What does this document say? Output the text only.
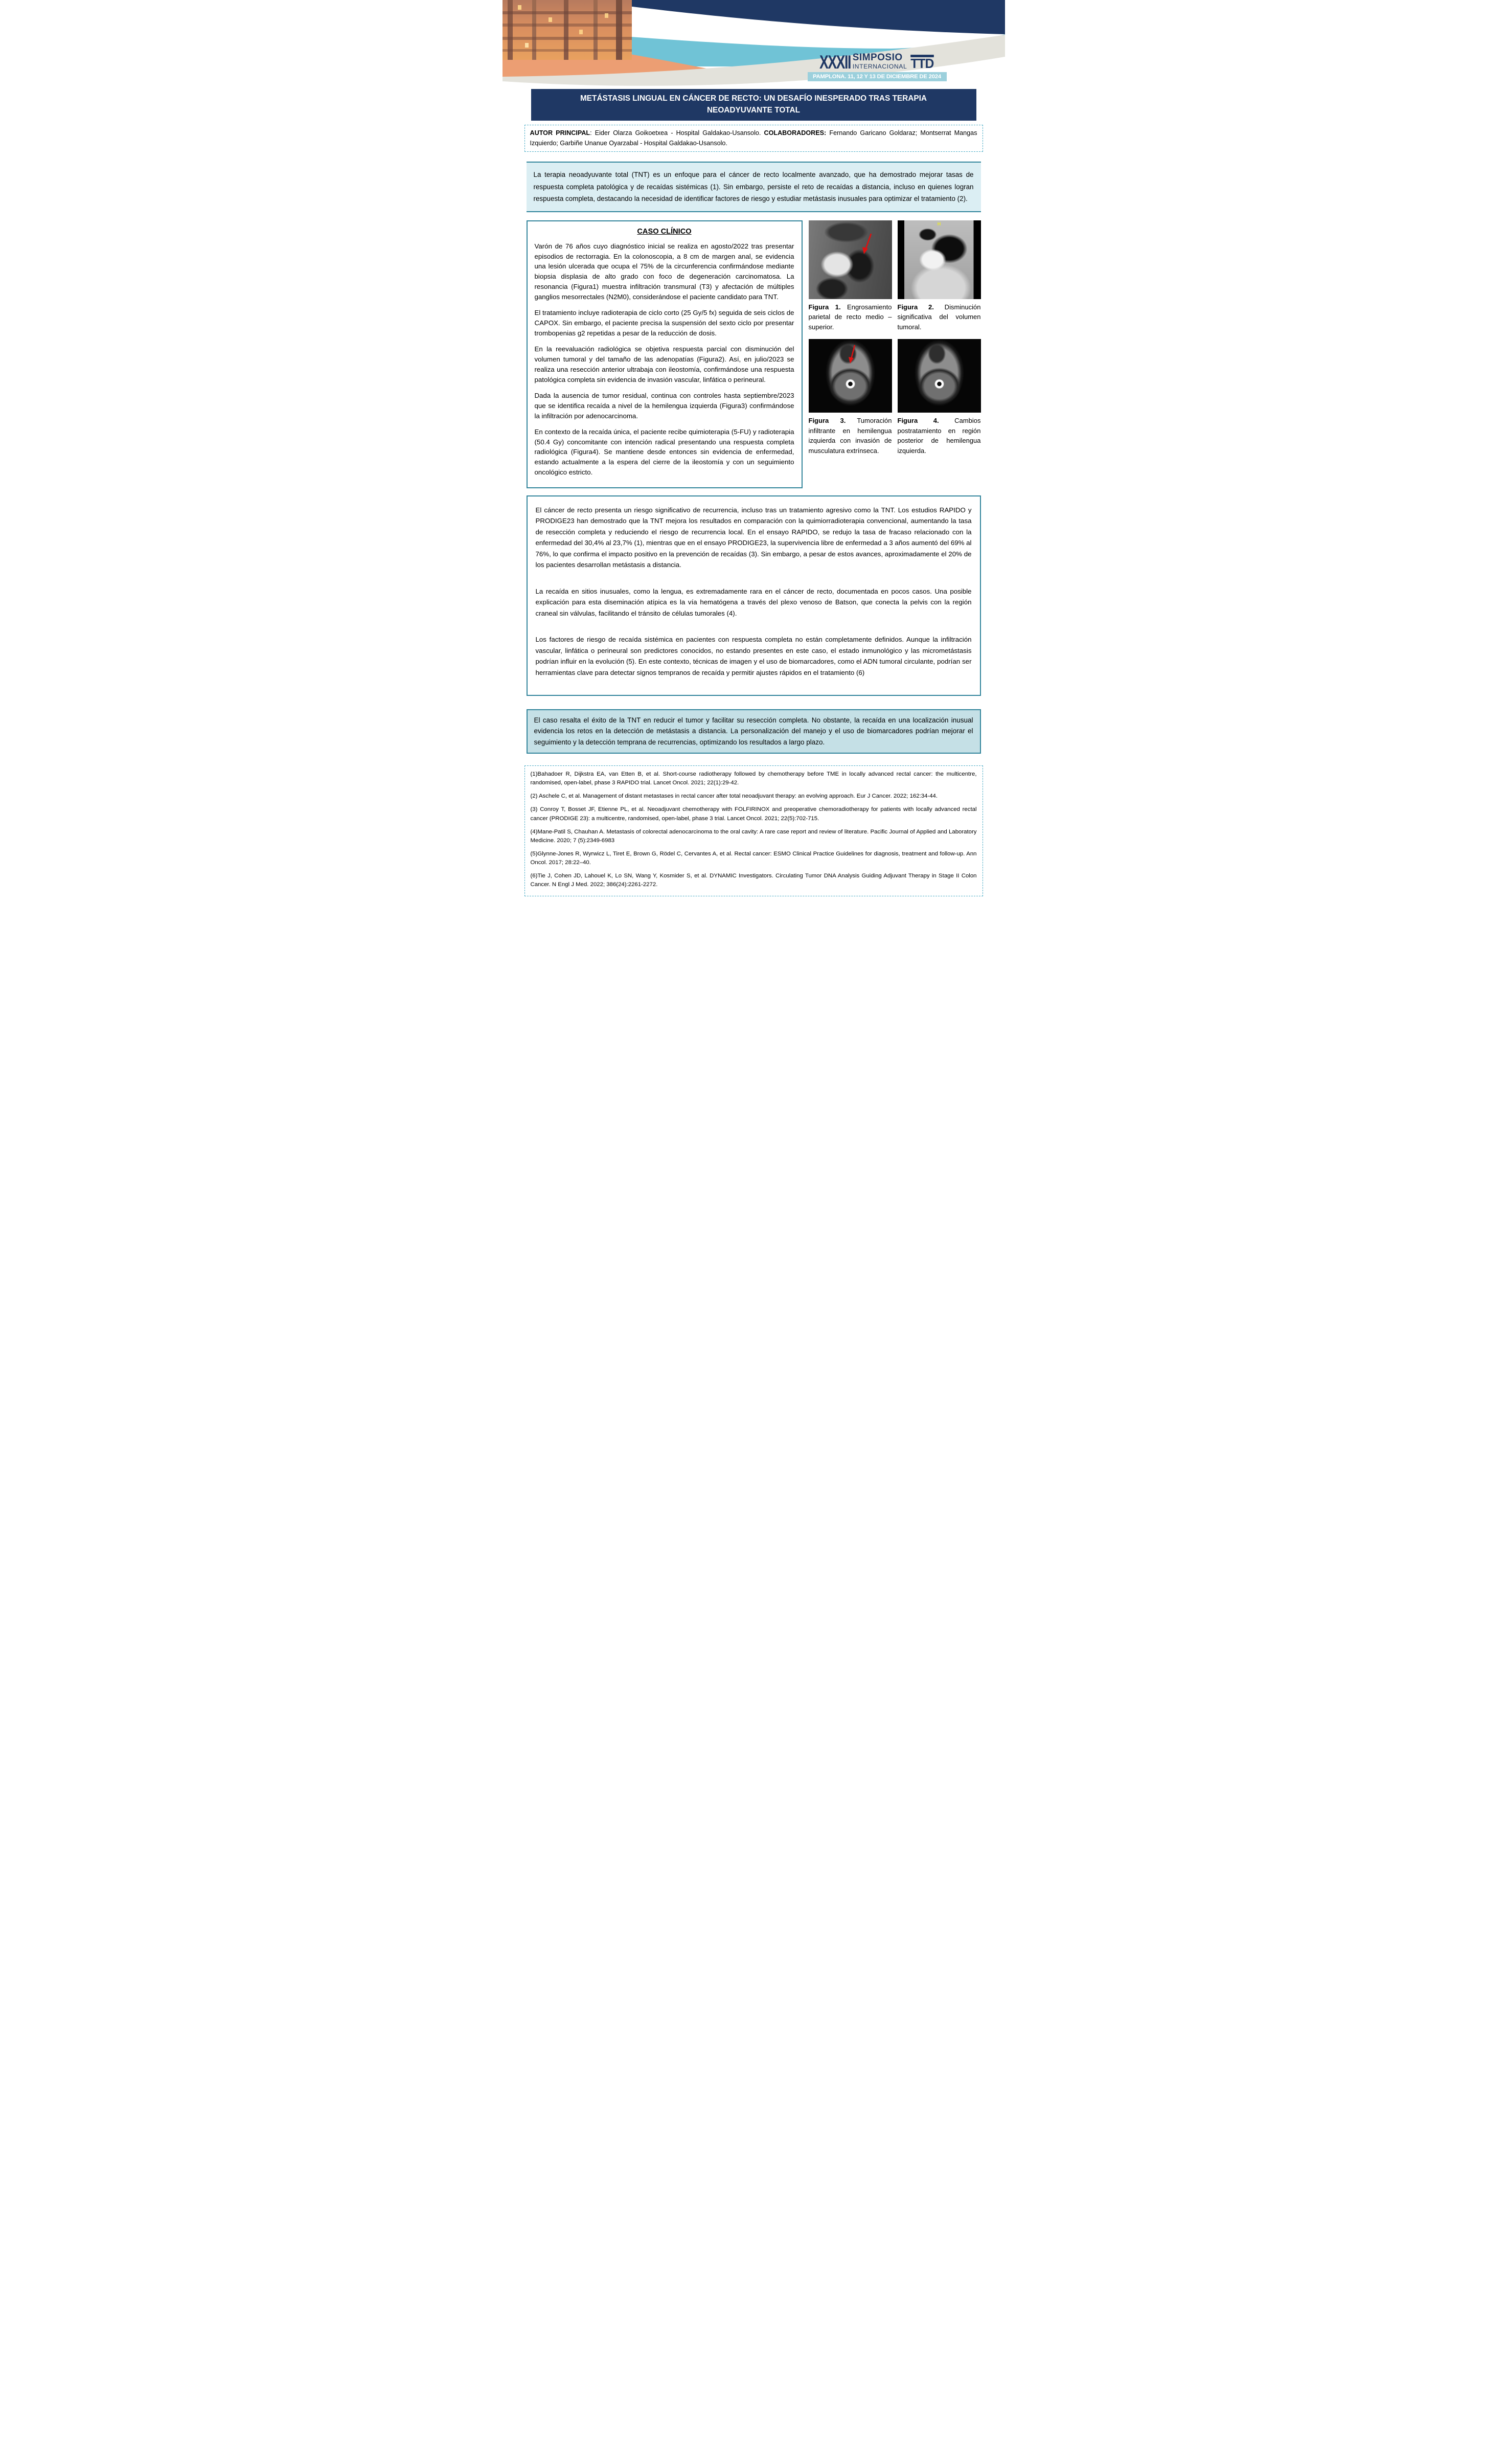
XXXII SIMPOSIO
INTERNACIONAL TTD
PAMPLONA. 11, 12 Y 13 DE DICIEMBRE DE 2024
METÁSTASIS LINGUAL EN CÁNCER DE RECTO: UN DESAFÍO INESPERADO TRAS TERAPIA NEOADYUVANTE TOTAL
AUTOR PRINCIPAL: Eider Olarza Goikoetxea - Hospital Galdakao-Usansolo. COLABORADORES: Fernando Garicano Goldaraz; Montserrat Mangas Izquierdo; Garbiñe Unanue Oyarzabal - Hospital Galdakao-Usansolo.
La terapia neoadyuvante total (TNT) es un enfoque para el cáncer de recto localmente avanzado, que ha demostrado mejorar tasas de respuesta completa patológica y de recaídas sistémicas (1). Sin embargo, persiste el reto de recaídas a distancia, incluso en quienes logran respuesta completa, destacando la necesidad de identificar factores de riesgo y estudiar metástasis inusuales para optimizar el tratamiento (2).
CASO CLÍNICO

Varón de 76 años cuyo diagnóstico inicial se realiza en agosto/2022 tras presentar episodios de rectorragia. En la colonoscopia, a 8 cm de margen anal, se evidencia una lesión ulcerada que ocupa el 75% de la circunferencia confirmándose mediante biopsia displasia de alto grado con foco de degeneración carcinomatosa. La resonancia (Figura1) muestra infiltración transmural (T3) y afectación de múltiples ganglios mesorrectales (N2M0), considerándose el paciente candidato para TNT.

El tratamiento incluye radioterapia de ciclo corto (25 Gy/5 fx) seguida de seis ciclos de CAPOX. Sin embargo, el paciente precisa la suspensión del sexto ciclo por presentar trombopenias g2 repetidas a pesar de la reducción de dosis.

En la reevaluación radiológica se objetiva respuesta parcial con disminución del volumen tumoral y del tamaño de las adenopatías (Figura2). Así, en julio/2023 se realiza una resección anterior ultrabaja con ileostomía, confirmándose una respuesta patológica completa sin evidencia de invasión vascular, linfática o perineural.

Dada la ausencia de tumor residual, continua con controles hasta septiembre/2023 que se identifica recaída a nivel de la hemilengua izquierda (Figura3) confirmándose la infiltración por adenocarcinoma.

En contexto de la recaída única, el paciente recibe quimioterapia (5-FU) y radioterapia (50.4 Gy) concomitante con intención radical presentando una respuesta completa radiológica (Figura4). Se mantiene desde entonces sin evidencia de enfermedad, estando actualmente a la espera del cierre de la ileostomía y con un seguimiento oncológico estricto.

Figura 1. Engrosamiento parietal de recto medio – superior.
H
Figura 2. Disminución significativa del volumen tumoral.
Figura 3. Tumoración infiltrante en hemilengua izquierda con invasión de musculatura extrínseca.
Figura 4. Cambios postratamiento en región posterior de hemilengua izquierda.

El cáncer de recto presenta un riesgo significativo de recurrencia, incluso tras un tratamiento agresivo como la TNT. Los estudios RAPIDO y PRODIGE23 han demostrado que la TNT mejora los resultados en comparación con la quimiorradioterapia convencional, aumentando la tasa de resección completa y reduciendo el riesgo de recurrencia local. En el ensayo RAPIDO, se redujo la tasa de fracaso relacionado con la enfermedad del 30,4% al 23,7% (1), mientras que en el ensayo PRODIGE23, la supervivencia libre de enfermedad a 3 años aumentó del 69% al 76%, lo que confirma el impacto positivo en la prevención de recaídas (3). Sin embargo, a pesar de estos avances, aproximadamente el 20% de los pacientes desarrollan metástasis a distancia.

La recaída en sitios inusuales, como la lengua, es extremadamente rara en el cáncer de recto, documentada en pocos casos. Una posible explicación para esta diseminación atípica es la vía hematógena a través del plexo venoso de Batson, que conecta la pelvis con la región craneal sin válvulas, facilitando el tránsito de células tumorales (4).

Los factores de riesgo de recaída sistémica en pacientes con respuesta completa no están completamente definidos. Aunque la infiltración vascular, linfática o perineural son predictores conocidos, no estando presentes en este caso, el estado inmunológico y las micrometástasis podrían influir en la evolución (5). En este contexto, técnicas de imagen y el uso de biomarcadores, como el ADN tumoral circulante, podrían ser herramientas clave para detectar signos tempranos de recaída y permitir ajustes rápidos en el tratamiento (6)

El caso resalta el éxito de la TNT en reducir el tumor y facilitar su resección completa. No obstante, la recaída en una localización inusual evidencia los retos en la detección de metástasis a distancia. La personalización del manejo y el uso de biomarcadores podrían mejorar el seguimiento y la detección temprana de recurrencias, optimizando los resultados a largo plazo.

(1)Bahadoer R, Dijkstra EA, van Etten B, et al. Short-course radiotherapy followed by chemotherapy before TME in locally advanced rectal cancer: the multicentre, randomised, open-label, phase 3 RAPIDO trial. Lancet Oncol. 2021; 22(1):29-42.

(2) Aschele C, et al. Management of distant metastases in rectal cancer after total neoadjuvant therapy: an evolving approach. Eur J Cancer. 2022; 162:34-44.

(3) Conroy T, Bosset JF, Etienne PL, et al. Neoadjuvant chemotherapy with FOLFIRINOX and preoperative chemoradiotherapy for patients with locally advanced rectal cancer (PRODIGE 23): a multicentre, randomised, open-label, phase 3 trial. Lancet Oncol. 2021; 22(5):702-715.

(4)Mane-Patil S, Chauhan A. Metastasis of colorectal adenocarcinoma to the oral cavity: A rare case report and review of literature. Pacific Journal of Applied and Laboratory Medicine. 2020; 7 (5):2349-6983

(5)Glynne-Jones R, Wyrwicz L, Tiret E, Brown G, Rödel C, Cervantes A, et al. Rectal cancer: ESMO Clinical Practice Guidelines for diagnosis, treatment and follow-up. Ann Oncol. 2017; 28:22–40.

(6)Tie J, Cohen JD, Lahouel K, Lo SN, Wang Y, Kosmider S, et al. DYNAMIC Investigators. Circulating Tumor DNA Analysis Guiding Adjuvant Therapy in Stage II Colon Cancer. N Engl J Med. 2022; 386(24):2261-2272.
